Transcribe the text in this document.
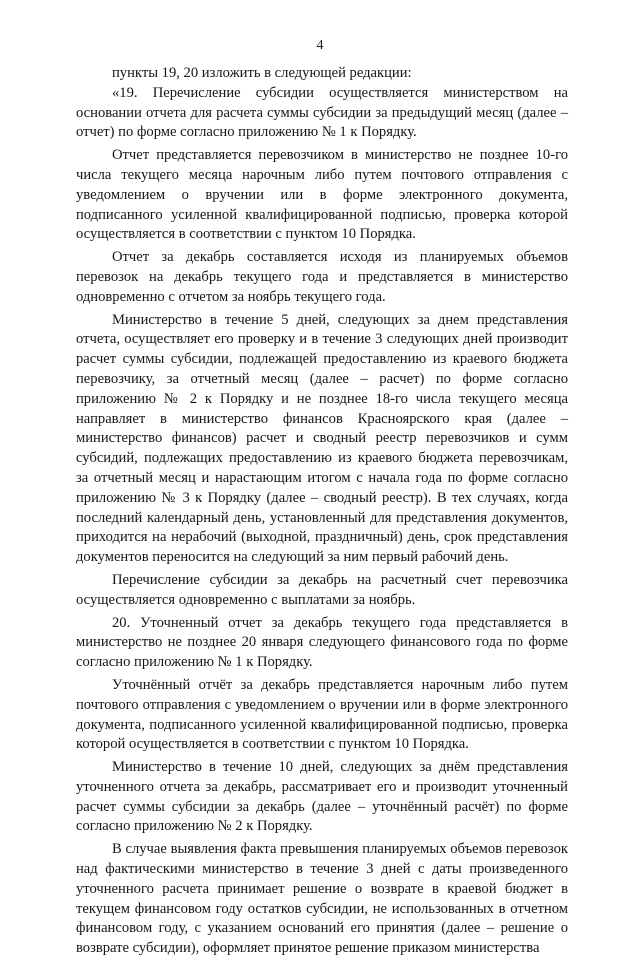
4

пункты 19, 20 изложить в следующей редакции:

«19. Перечисление субсидии осуществляется министерством на основании отчета для расчета суммы субсидии за предыдущий месяц (далее – отчет) по форме согласно приложению № 1 к Порядку.

Отчет представляется перевозчиком в министерство не позднее 10-го числа текущего месяца нарочным либо путем почтового отправления с уведомлением о вручении или в форме электронного документа, подписанного усиленной квалифицированной подписью, проверка которой осуществляется в соответствии с пунктом 10 Порядка.

Отчет за декабрь составляется исходя из планируемых объемов перевозок на декабрь текущего года и представляется в министерство одновременно с отчетом за ноябрь текущего года.

Министерство в течение 5 дней, следующих за днем представления отчета, осуществляет его проверку и в течение 3 следующих дней производит расчет суммы субсидии, подлежащей предоставлению из краевого бюджета перевозчику, за отчетный месяц (далее – расчет) по форме согласно приложению № 2 к Порядку и не позднее 18-го числа текущего месяца направляет в министерство финансов Красноярского края (далее – министерство финансов) расчет и сводный реестр перевозчиков и сумм субсидий, подлежащих предоставлению из краевого бюджета перевозчикам, за отчетный месяц и нарастающим итогом с начала года по форме согласно приложению № 3 к Порядку (далее – сводный реестр). В тех случаях, когда последний календарный день, установленный для представления документов, приходится на нерабочий (выходной, праздничный) день, срок представления документов переносится на следующий за ним первый рабочий день.

Перечисление субсидии за декабрь на расчетный счет перевозчика осуществляется одновременно с выплатами за ноябрь.

20. Уточненный отчет за декабрь текущего года представляется в министерство не позднее 20 января следующего финансового года по форме согласно приложению № 1 к Порядку.

Уточнённый отчёт за декабрь представляется нарочным либо путем почтового отправления с уведомлением о вручении или в форме электронного документа, подписанного усиленной квалифицированной подписью, проверка которой осуществляется в соответствии с пунктом 10 Порядка.

Министерство в течение 10 дней, следующих за днём представления уточненного отчета за декабрь, рассматривает его и производит уточненный расчет суммы субсидии за декабрь (далее – уточнённый расчёт) по форме согласно приложению № 2 к Порядку.

В случае выявления факта превышения планируемых объемов перевозок над фактическими министерство в течение 3 дней с даты произведенного уточненного расчета принимает решение о возврате в краевой бюджет в текущем финансовом году остатков субсидии, не использованных в отчетном финансовом году, с указанием оснований его принятия (далее – решение о возврате субсидии), оформляет принятое решение приказом министерства
